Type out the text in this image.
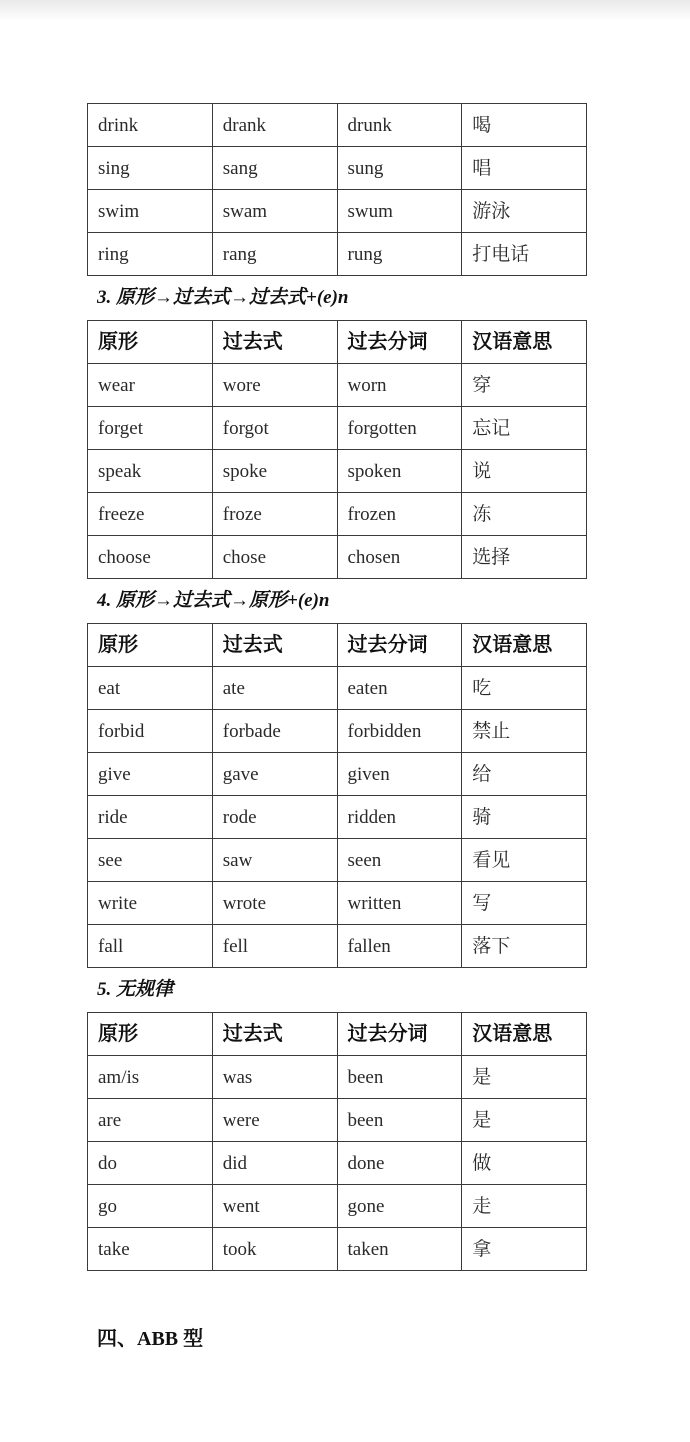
drink	drank	drunk	喝
sing	sang	sung	唱
swim	swam	swum	游泳
ring	rang	rung	打电话
3. 原形→过去式→过去式+(e)n
原形	过去式	过去分词	汉语意思
wear	wore	worn	穿
forget	forgot	forgotten	忘记
speak	spoke	spoken	说
freeze	froze	frozen	冻
choose	chose	chosen	选择
4. 原形→过去式→原形+(e)n
原形	过去式	过去分词	汉语意思
eat	ate	eaten	吃
forbid	forbade	forbidden	禁止
give	gave	given	给
ride	rode	ridden	骑
see	saw	seen	看见
write	wrote	written	写
fall	fell	fallen	落下
5. 无规律
原形	过去式	过去分词	汉语意思
am/is	was	been	是
are	were	been	是
do	did	done	做
go	went	gone	走
take	took	taken	拿
四、ABB 型
